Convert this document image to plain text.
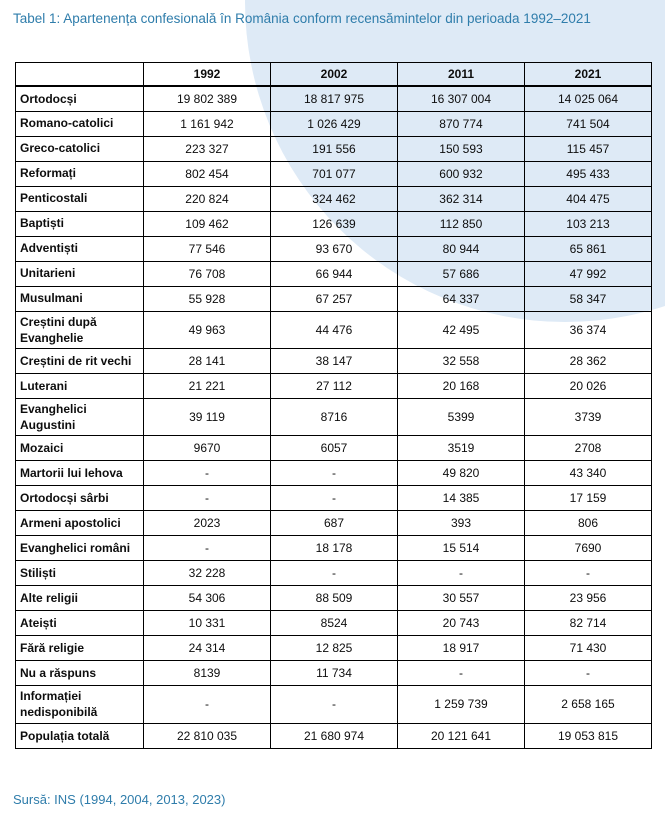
Tabel 1: Apartenența confesională în România conform recensămintelor din perioada 1992–2021
	1992	2002	2011	2021
Ortodocși	19 802 389	18 817 975	16 307 004	14 025 064
Romano-catolici	1 161 942	1 026 429	870 774	741 504
Greco-catolici	223 327	191 556	150 593	115 457
Reformați	802 454	701 077	600 932	495 433
Penticostali	220 824	324 462	362 314	404 475
Baptiști	109 462	126 639	112 850	103 213
Adventiști	77 546	93 670	80 944	65 861
Unitarieni	76 708	66 944	57 686	47 992
Musulmani	55 928	67 257	64 337	58 347
Creștini după Evanghelie	49 963	44 476	42 495	36 374
Creștini de rit vechi	28 141	38 147	32 558	28 362
Luterani	21 221	27 112	20 168	20 026
Evanghelici Augustini	39 119	8716	5399	3739
Mozaici	9670	6057	3519	2708
Martorii lui Iehova	-	-	49 820	43 340
Ortodocși sârbi	-	-	14 385	17 159
Armeni apostolici	2023	687	393	806
Evanghelici români	-	18 178	15 514	7690
Stiliști	32 228	-	-	-
Alte religii	54 306	88 509	30 557	23 956
Ateiști	10 331	8524	20 743	82 714
Fără religie	24 314	12 825	18 917	71 430
Nu a răspuns	8139	11 734	-	-
Informației nedisponibilă	-	-	1 259 739	2 658 165
Populația totală	22 810 035	21 680 974	20 121 641	19 053 815
Sursă: INS (1994, 2004, 2013, 2023)
